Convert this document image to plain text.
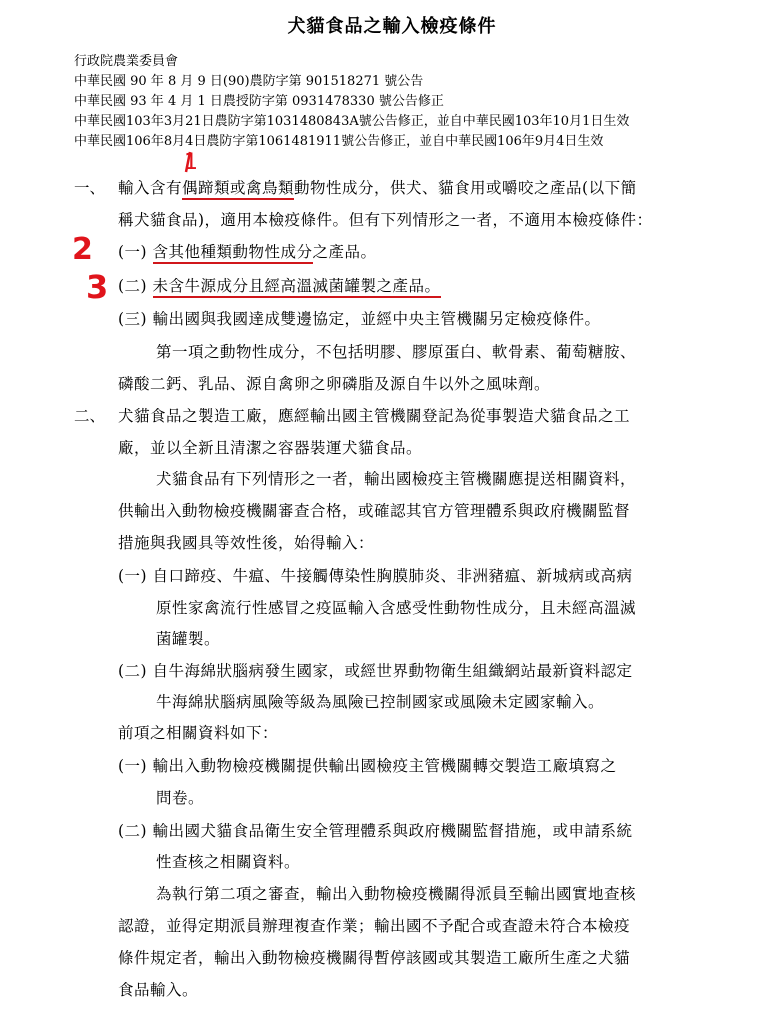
犬貓食品之輸入檢疫條件
行政院農業委員會
中華民國 90 年 8 月 9 日(90)農防字第 901518271 號公告
中華民國 93 年 4 月 1 日農授防字第 0931478330 號公告修正
中華民國103年3月21日農防字第1031480843A號公告修正，並自中華民國103年10月1日生效
中華民國106年8月4日農防字第1061481911號公告修正，並自中華民國106年9月4日生效
1
2
3
一、 輸入含有偶蹄類或禽鳥類動物性成分，供犬、貓食用或嚼咬之產品(以下簡
稱犬貓食品)，適用本檢疫條件。但有下列情形之一者，不適用本檢疫條件：
(一) 含其他種類動物性成分之產品。
(二) 未含牛源成分且經高溫滅菌罐製之產品。
(三) 輸出國與我國達成雙邊協定，並經中央主管機關另定檢疫條件。
第一項之動物性成分，不包括明膠、膠原蛋白、軟骨素、葡萄糖胺、
磷酸二鈣、乳品、源自禽卵之卵磷脂及源自牛以外之風味劑。
二、 犬貓食品之製造工廠，應經輸出國主管機關登記為從事製造犬貓食品之工
廠，並以全新且清潔之容器裝運犬貓食品。
犬貓食品有下列情形之一者，輸出國檢疫主管機關應提送相關資料，
供輸出入動物檢疫機關審查合格，或確認其官方管理體系與政府機關監督
措施與我國具等效性後，始得輸入：
(一) 自口蹄疫、牛瘟、牛接觸傳染性胸膜肺炎、非洲豬瘟、新城病或高病
原性家禽流行性感冒之疫區輸入含感受性動物性成分，且未經高溫滅
菌罐製。
(二) 自牛海綿狀腦病發生國家，或經世界動物衛生組織網站最新資料認定
牛海綿狀腦病風險等級為風險已控制國家或風險未定國家輸入。
前項之相關資料如下：
(一) 輸出入動物檢疫機關提供輸出國檢疫主管機關轉交製造工廠填寫之
問卷。
(二) 輸出國犬貓食品衛生安全管理體系與政府機關監督措施，或申請系統
性查核之相關資料。
為執行第二項之審查，輸出入動物檢疫機關得派員至輸出國實地查核
認證，並得定期派員辦理複查作業；輸出國不予配合或查證未符合本檢疫
條件規定者，輸出入動物檢疫機關得暫停該國或其製造工廠所生產之犬貓
食品輸入。
